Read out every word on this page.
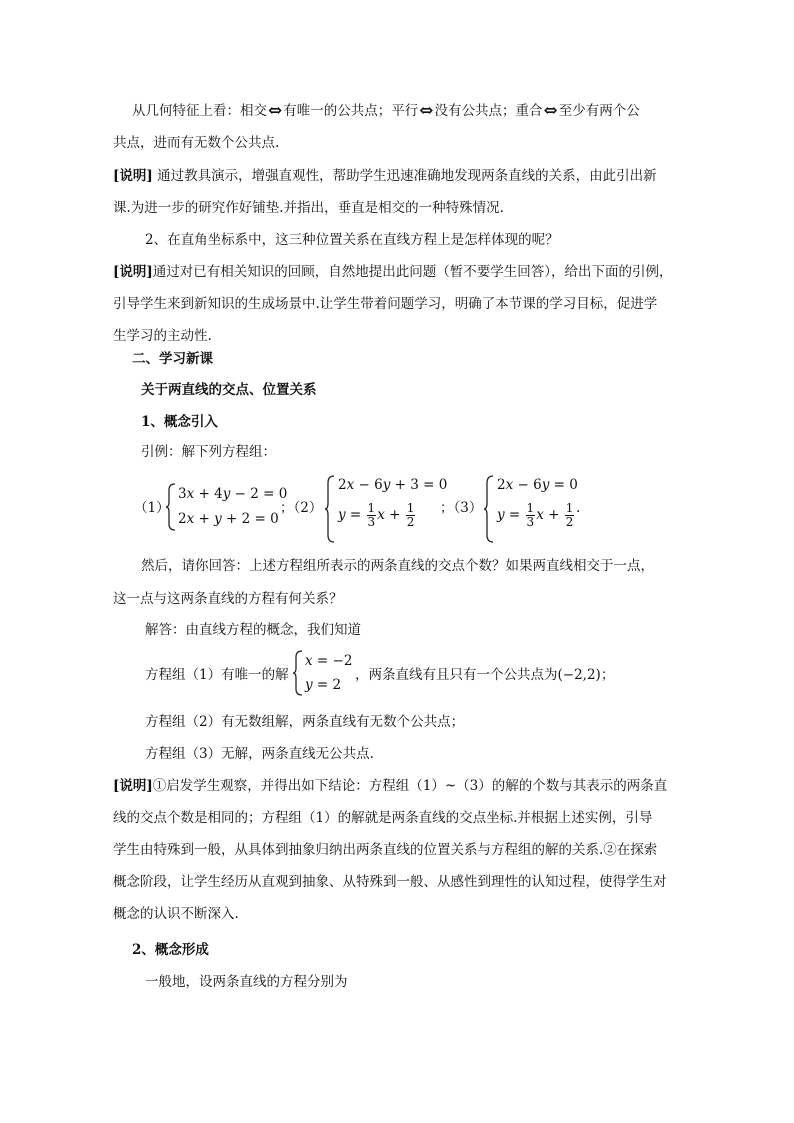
从几何特征上看：相交⇔有唯一的公共点；平行⇔没有公共点；重合⇔至少有两个公
共点，进而有无数个公共点.
[说明] 通过教具演示，增强直观性，帮助学生迅速准确地发现两条直线的关系，由此引出新
课.为进一步的研究作好铺垫.并指出，垂直是相交的一种特殊情况.
2、在直角坐标系中，这三种位置关系在直线方程上是怎样体现的呢？
[说明]通过对已有相关知识的回顾，自然地提出此问题（暂不要学生回答），给出下面的引例，
引导学生来到新知识的生成场景中.让学生带着问题学习，明确了本节课的学习目标，促进学
生学习的主动性.
二、学习新课
关于两直线的交点、位置关系
1、概念引入
引例：解下列方程组：
（1）
3x + 4y − 2 = 0
2x + y + 2 = 0
；（2）
2x − 6y + 3 = 0
$y = \frac{1}{3}$ $x + \frac{1}{2}$ ；（3）
2x − 6y = 0
$y = \frac{1}{3}$ $x + \frac{1}{2}$ .
然后，请你回答：上述方程组所表示的两条直线的交点个数？如果两直线相交于一点，
这一点与这两条直线的方程有何关系？
解答：由直线方程的概念，我们知道
方程组（1）有唯一的解
x = −2
y = 2
，两条直线有且只有一个公共点为(−2,2)；
方程组（2）有无数组解，两条直线有无数个公共点；
方程组（3）无解，两条直线无公共点.
[说明]①启发学生观察，并得出如下结论：方程组（1）~（3）的解的个数与其表示的两条直
线的交点个数是相同的；方程组（1）的解就是两条直线的交点坐标.并根据上述实例，引导
学生由特殊到一般，从具体到抽象归纳出两条直线的位置关系与方程组的解的关系.②在探索
概念阶段，让学生经历从直观到抽象、从特殊到一般、从感性到理性的认知过程，使得学生对
概念的认识不断深入.
2、概念形成
一般地，设两条直线的方程分别为
